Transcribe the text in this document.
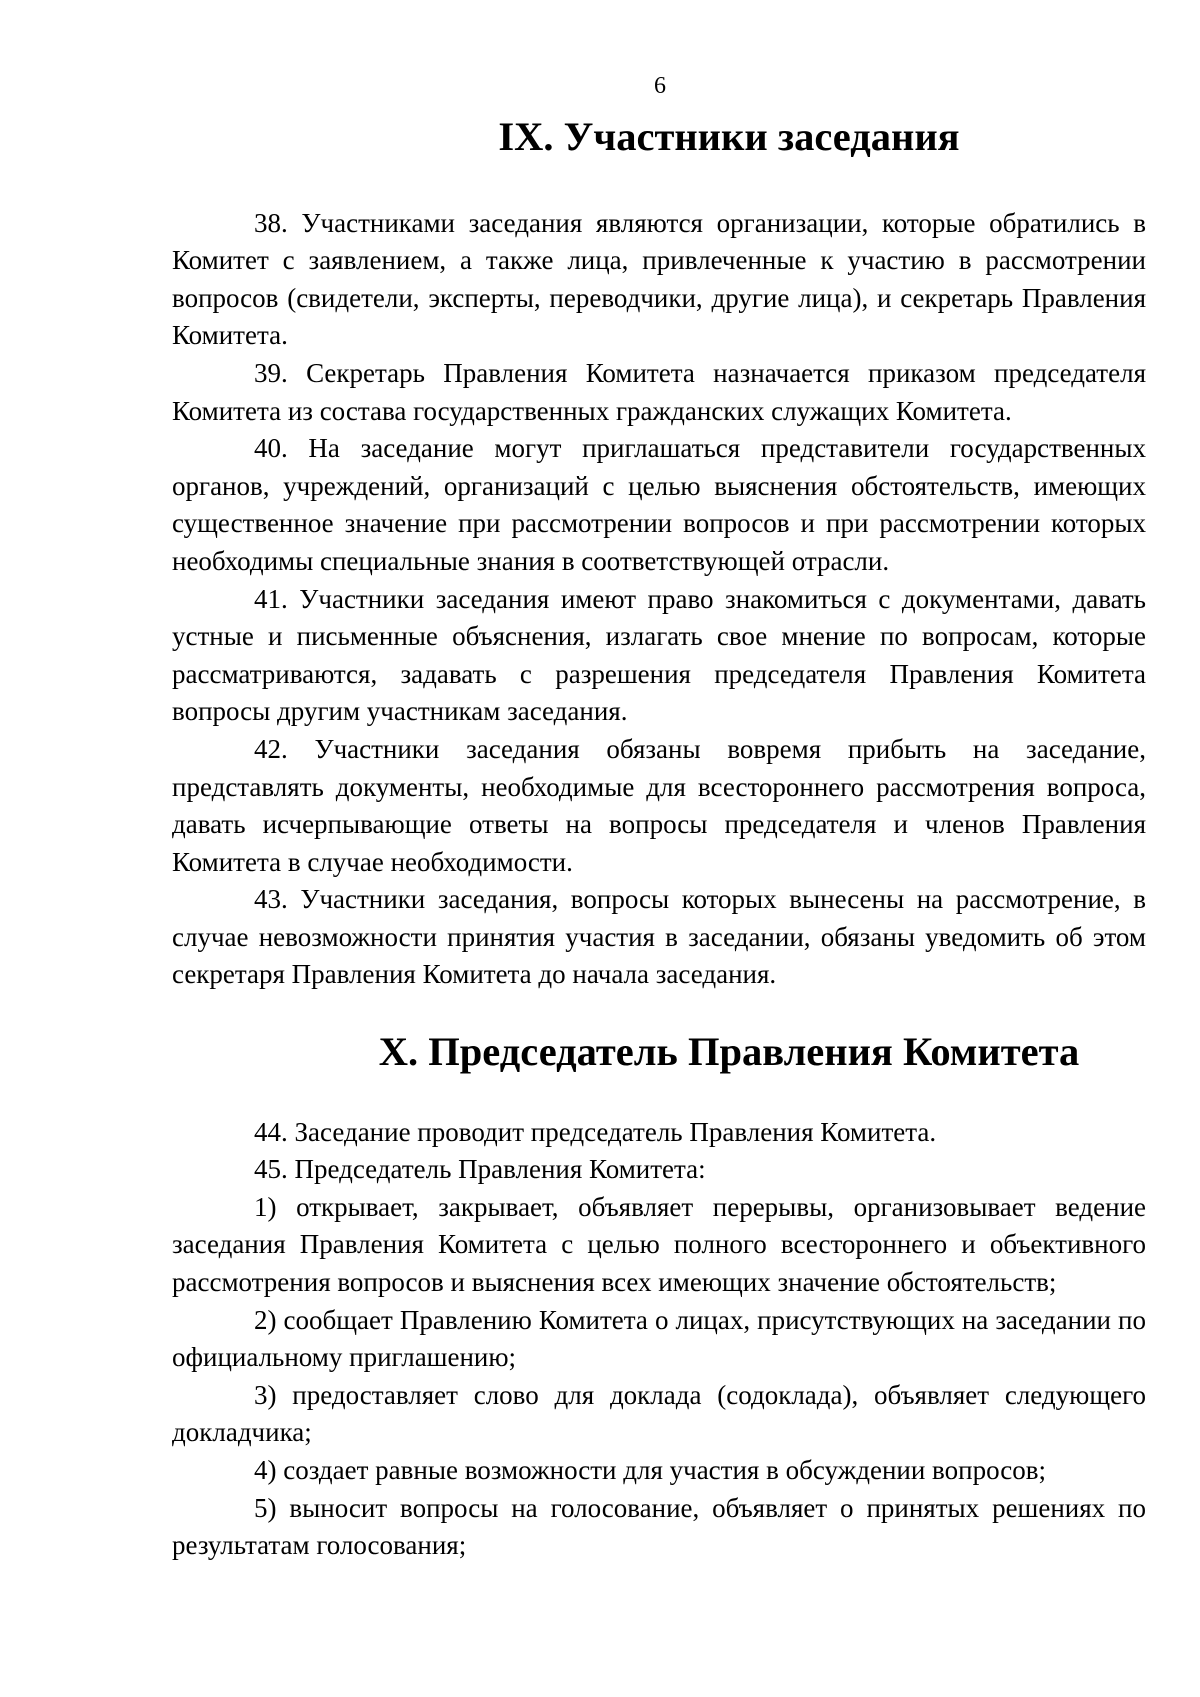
6
IX. Участники заседания

38. Участниками заседания являются организации, которые обратились в Комитет с заявлением, а также лица, привлеченные к участию в рассмотрении вопросов (свидетели, эксперты, переводчики, другие лица), и секретарь Правления Комитета.

39. Секретарь Правления Комитета назначается приказом председателя Комитета из состава государственных гражданских служащих Комитета.

40. На заседание могут приглашаться представители государственных органов, учреждений, организаций с целью выяснения обстоятельств, имеющих существенное значение при рассмотрении вопросов и при рассмотрении которых необходимы специальные знания в соответствующей отрасли.

41. Участники заседания имеют право знакомиться с документами, давать устные и письменные объяснения, излагать свое мнение по вопросам, которые рассматриваются, задавать с разрешения председателя Правления Комитета вопросы другим участникам заседания.

42. Участники заседания обязаны вовремя прибыть на заседание, представлять документы, необходимые для всестороннего рассмотрения вопроса, давать исчерпывающие ответы на вопросы председателя и членов Правления Комитета в случае необходимости.

43. Участники заседания, вопросы которых вынесены на рассмотрение, в случае невозможности принятия участия в заседании, обязаны уведомить об этом секретаря Правления Комитета до начала заседания.

X. Председатель Правления Комитета

44. Заседание проводит председатель Правления Комитета.

45. Председатель Правления Комитета:

1) открывает, закрывает, объявляет перерывы, организовывает ведение заседания Правления Комитета с целью полного всестороннего и объективного рассмотрения вопросов и выяснения всех имеющих значение обстоятельств;

2) сообщает Правлению Комитета о лицах, присутствующих на заседании по официальному приглашению;

3) предоставляет слово для доклада (содоклада), объявляет следующего докладчика;

4) создает равные возможности для участия в обсуждении вопросов;

5) выносит вопросы на голосование, объявляет о принятых решениях по результатам голосования;
